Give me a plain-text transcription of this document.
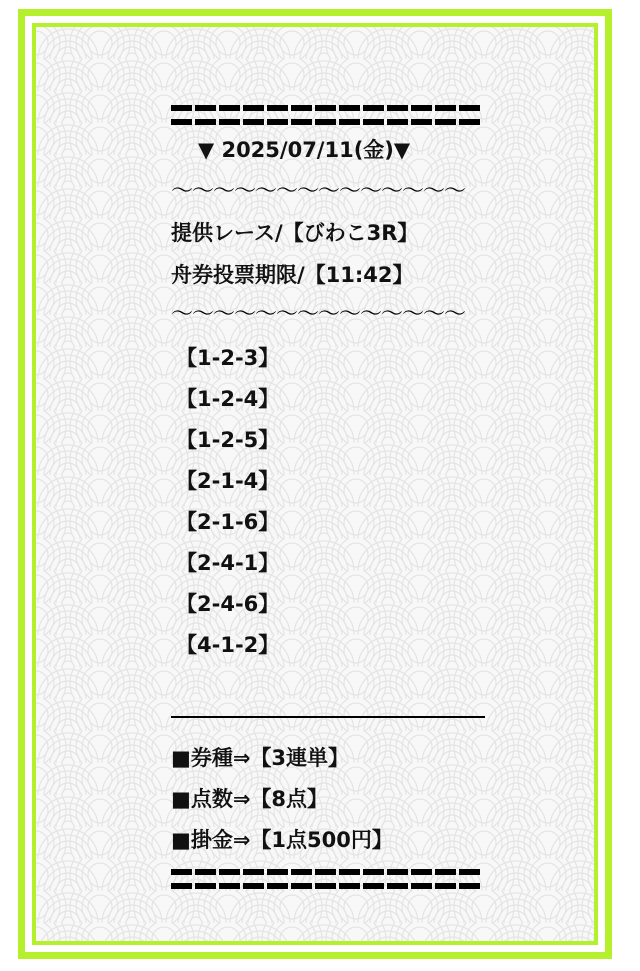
▼ 2025/07/11(金)▼
〜〜〜〜〜〜〜〜〜〜〜〜〜〜
提供レース/【びわこ3R】
舟券投票期限/【11:42】
〜〜〜〜〜〜〜〜〜〜〜〜〜〜
【1-2-3】
【1-2-4】
【1-2-5】
【2-1-4】
【2-1-6】
【2-4-1】
【2-4-6】
【4-1-2】
■券種⇒【3連単】
■点数⇒【8点】
■掛金⇒【1点500円】
